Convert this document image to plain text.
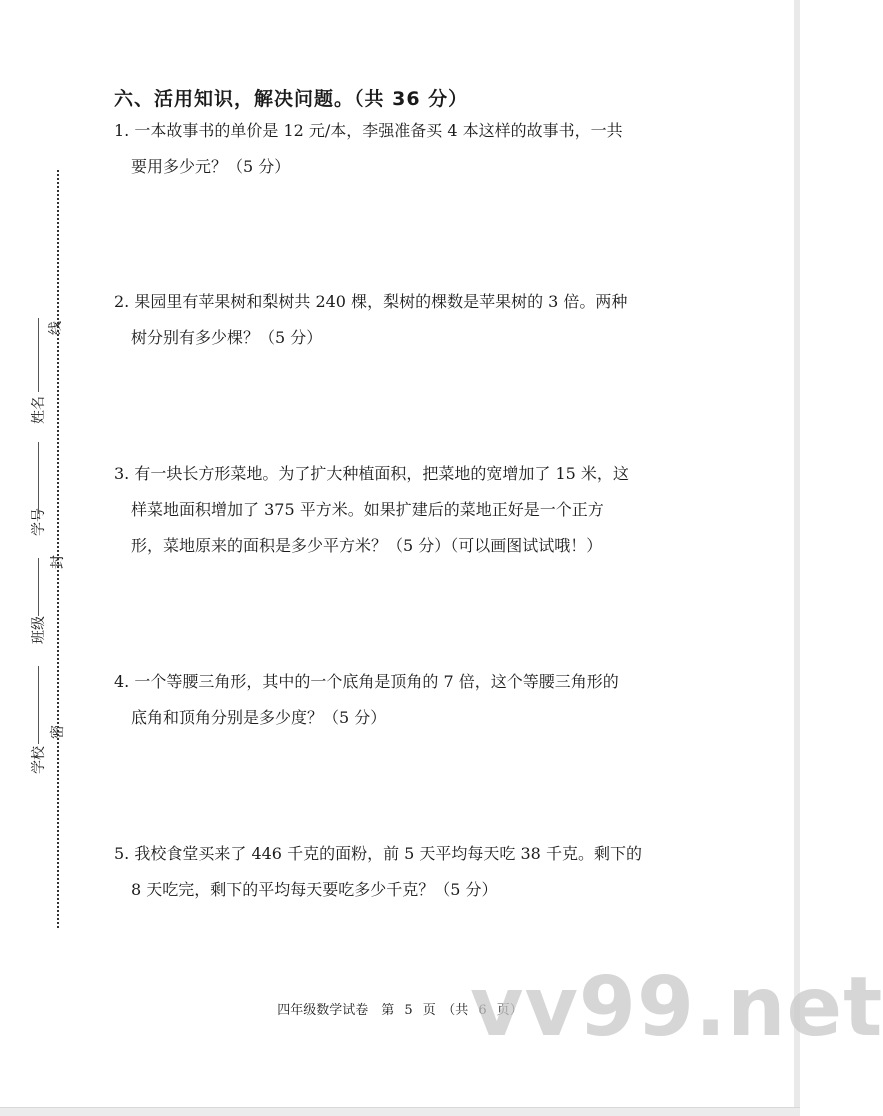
六、活用知识，解决问题。（共 36 分）
1. 一本故事书的单价是 12 元/本，李强准备买 4 本这样的故事书，一共
要用多少元？（5 分）
2. 果园里有苹果树和梨树共 240 棵，梨树的棵数是苹果树的 3 倍。两种
树分别有多少棵？（5 分）
3. 有一块长方形菜地。为了扩大种植面积，把菜地的宽增加了 15 米，这
样菜地面积增加了 375 平方米。如果扩建后的菜地正好是一个正方
形，菜地原来的面积是多少平方米？（5 分）（可以画图试试哦！）
4. 一个等腰三角形，其中的一个底角是顶角的 7 倍，这个等腰三角形的
底角和顶角分别是多少度？（5 分）
5. 我校食堂买来了 446 千克的面粉，前 5 天平均每天吃 38 千克。剩下的
8 天吃完，剩下的平均每天要吃多少千克？（5 分）
线
封
密
姓名
学号
班级
学校
四年级数学试卷　第 5 页　（共 6 页）
vv99.net
